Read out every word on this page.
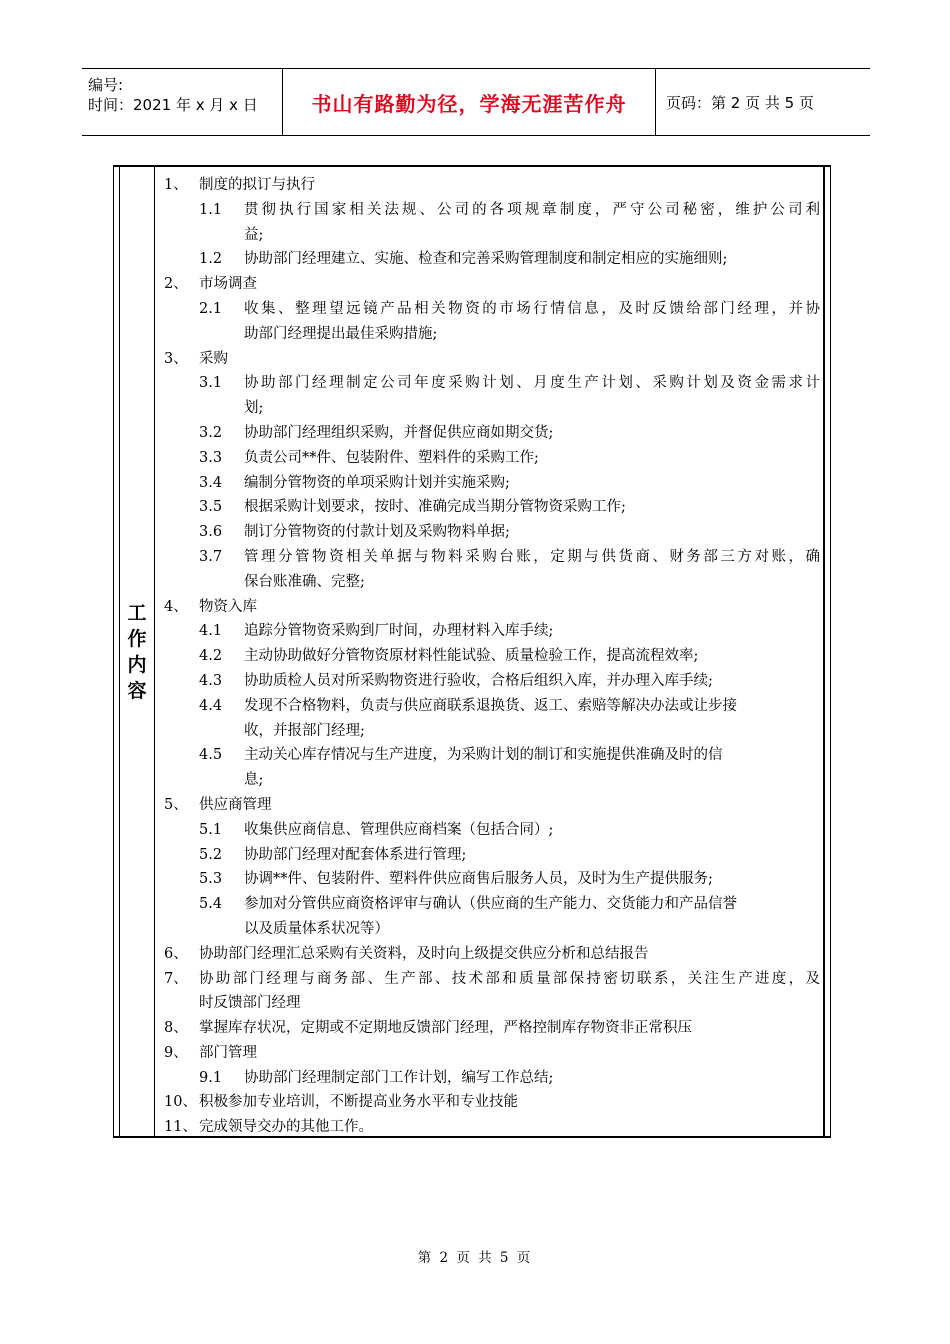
编号:
时间：2021 年 x 月 x 日	书山有路勤为径，学海无涯苦作舟	页码：第 2 页 共 5 页
工
作
内
容
1、 制度的拟订与执行
1.1 贯彻执行国家相关法规、公司的各项规章制度，严守公司秘密，维护公司利
益;
1.2 协助部门经理建立、实施、检查和完善采购管理制度和制定相应的实施细则;
2、 市场调查
2.1 收集、整理望远镜产品相关物资的市场行情信息，及时反馈给部门经理，并协
助部门经理提出最佳采购措施;
3、 采购
3.1 协助部门经理制定公司年度采购计划、月度生产计划、采购计划及资金需求计
划;
3.2 协助部门经理组织采购，并督促供应商如期交货;
3.3 负责公司**件、包装附件、塑料件的采购工作;
3.4 编制分管物资的单项采购计划并实施采购;
3.5 根据采购计划要求，按时、准确完成当期分管物资采购工作;
3.6 制订分管物资的付款计划及采购物料单据;
3.7 管理分管物资相关单据与物料采购台账，定期与供货商、财务部三方对账，确
保台账准确、完整;
4、 物资入库
4.1 追踪分管物资采购到厂时间，办理材料入库手续;
4.2 主动协助做好分管物资原材料性能试验、质量检验工作，提高流程效率;
4.3 协助质检人员对所采购物资进行验收，合格后组织入库，并办理入库手续;
4.4 发现不合格物料，负责与供应商联系退换货、返工、索赔等解决办法或让步接
收，并报部门经理;
4.5 主动关心库存情况与生产进度，为采购计划的制订和实施提供准确及时的信
息;
5、 供应商管理
5.1 收集供应商信息、管理供应商档案（包括合同）;
5.2 协助部门经理对配套体系进行管理;
5.3 协调**件、包装附件、塑料件供应商售后服务人员，及时为生产提供服务;
5.4 参加对分管供应商资格评审与确认（供应商的生产能力、交货能力和产品信誉
以及质量体系状况等）
6、 协助部门经理汇总采购有关资料，及时向上级提交供应分析和总结报告
7、 协助部门经理与商务部、生产部、技术部和质量部保持密切联系，关注生产进度，及
时反馈部门经理
8、 掌握库存状况，定期或不定期地反馈部门经理，严格控制库存物资非正常积压
9、 部门管理
9.1 协助部门经理制定部门工作计划，编写工作总结;
10、 积极参加专业培训，不断提高业务水平和专业技能
11、 完成领导交办的其他工作。
第 2 页 共 5 页
